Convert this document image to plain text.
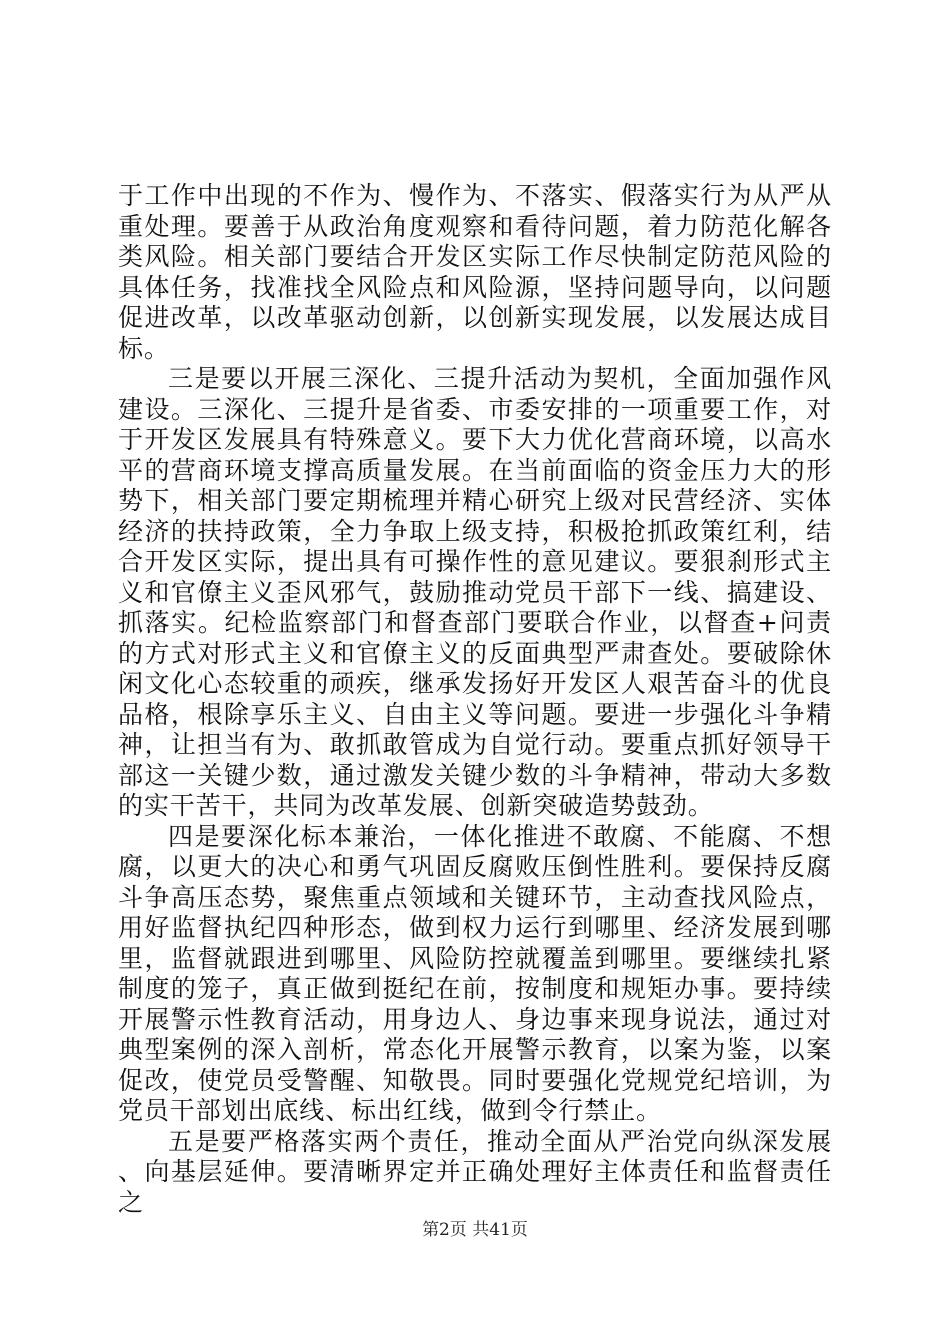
于工作中出现的不作为、慢作为、不落实、假落实行为从严从重处理。要善于从政治角度观察和看待问题，着力防范化解各类风险。相关部门要结合开发区实际工作尽快制定防范风险的具体任务，找准找全风险点和风险源，坚持问题导向，以问题促进改革，以改革驱动创新，以创新实现发展，以发展达成目标。

三是要以开展三深化、三提升活动为契机，全面加强作风建设。三深化、三提升是省委、市委安排的一项重要工作，对于开发区发展具有特殊意义。要下大力优化营商环境，以高水平的营商环境支撑高质量发展。在当前面临的资金压力大的形势下，相关部门要定期梳理并精心研究上级对民营经济、实体经济的扶持政策，全力争取上级支持，积极抢抓政策红利，结合开发区实际，提出具有可操作性的意见建议。要狠刹形式主义和官僚主义歪风邪气，鼓励推动党员干部下一线、搞建设、抓落实。纪检监察部门和督查部门要联合作业，以督查+问责的方式对形式主义和官僚主义的反面典型严肃查处。要破除休闲文化心态较重的顽疾，继承发扬好开发区人艰苦奋斗的优良品格，根除享乐主义、自由主义等问题。要进一步强化斗争精神，让担当有为、敢抓敢管成为自觉行动。要重点抓好领导干部这一关键少数，通过激发关键少数的斗争精神，带动大多数的实干苦干，共同为改革发展、创新突破造势鼓劲。

四是要深化标本兼治，一体化推进不敢腐、不能腐、不想腐，以更大的决心和勇气巩固反腐败压倒性胜利。要保持反腐斗争高压态势，聚焦重点领域和关键环节，主动查找风险点，用好监督执纪四种形态，做到权力运行到哪里、经济发展到哪里，监督就跟进到哪里、风险防控就覆盖到哪里。要继续扎紧制度的笼子，真正做到挺纪在前，按制度和规矩办事。要持续开展警示性教育活动，用身边人、身边事来现身说法，通过对典型案例的深入剖析，常态化开展警示教育，以案为鉴，以案促改，使党员受警醒、知敬畏。同时要强化党规党纪培训，为党员干部划出底线、标出红线，做到令行禁止。

五是要严格落实两个责任，推动全面从严治党向纵深发展、向基层延伸。要清晰界定并正确处理好主体责任和监督责任之

第2页 共41页
